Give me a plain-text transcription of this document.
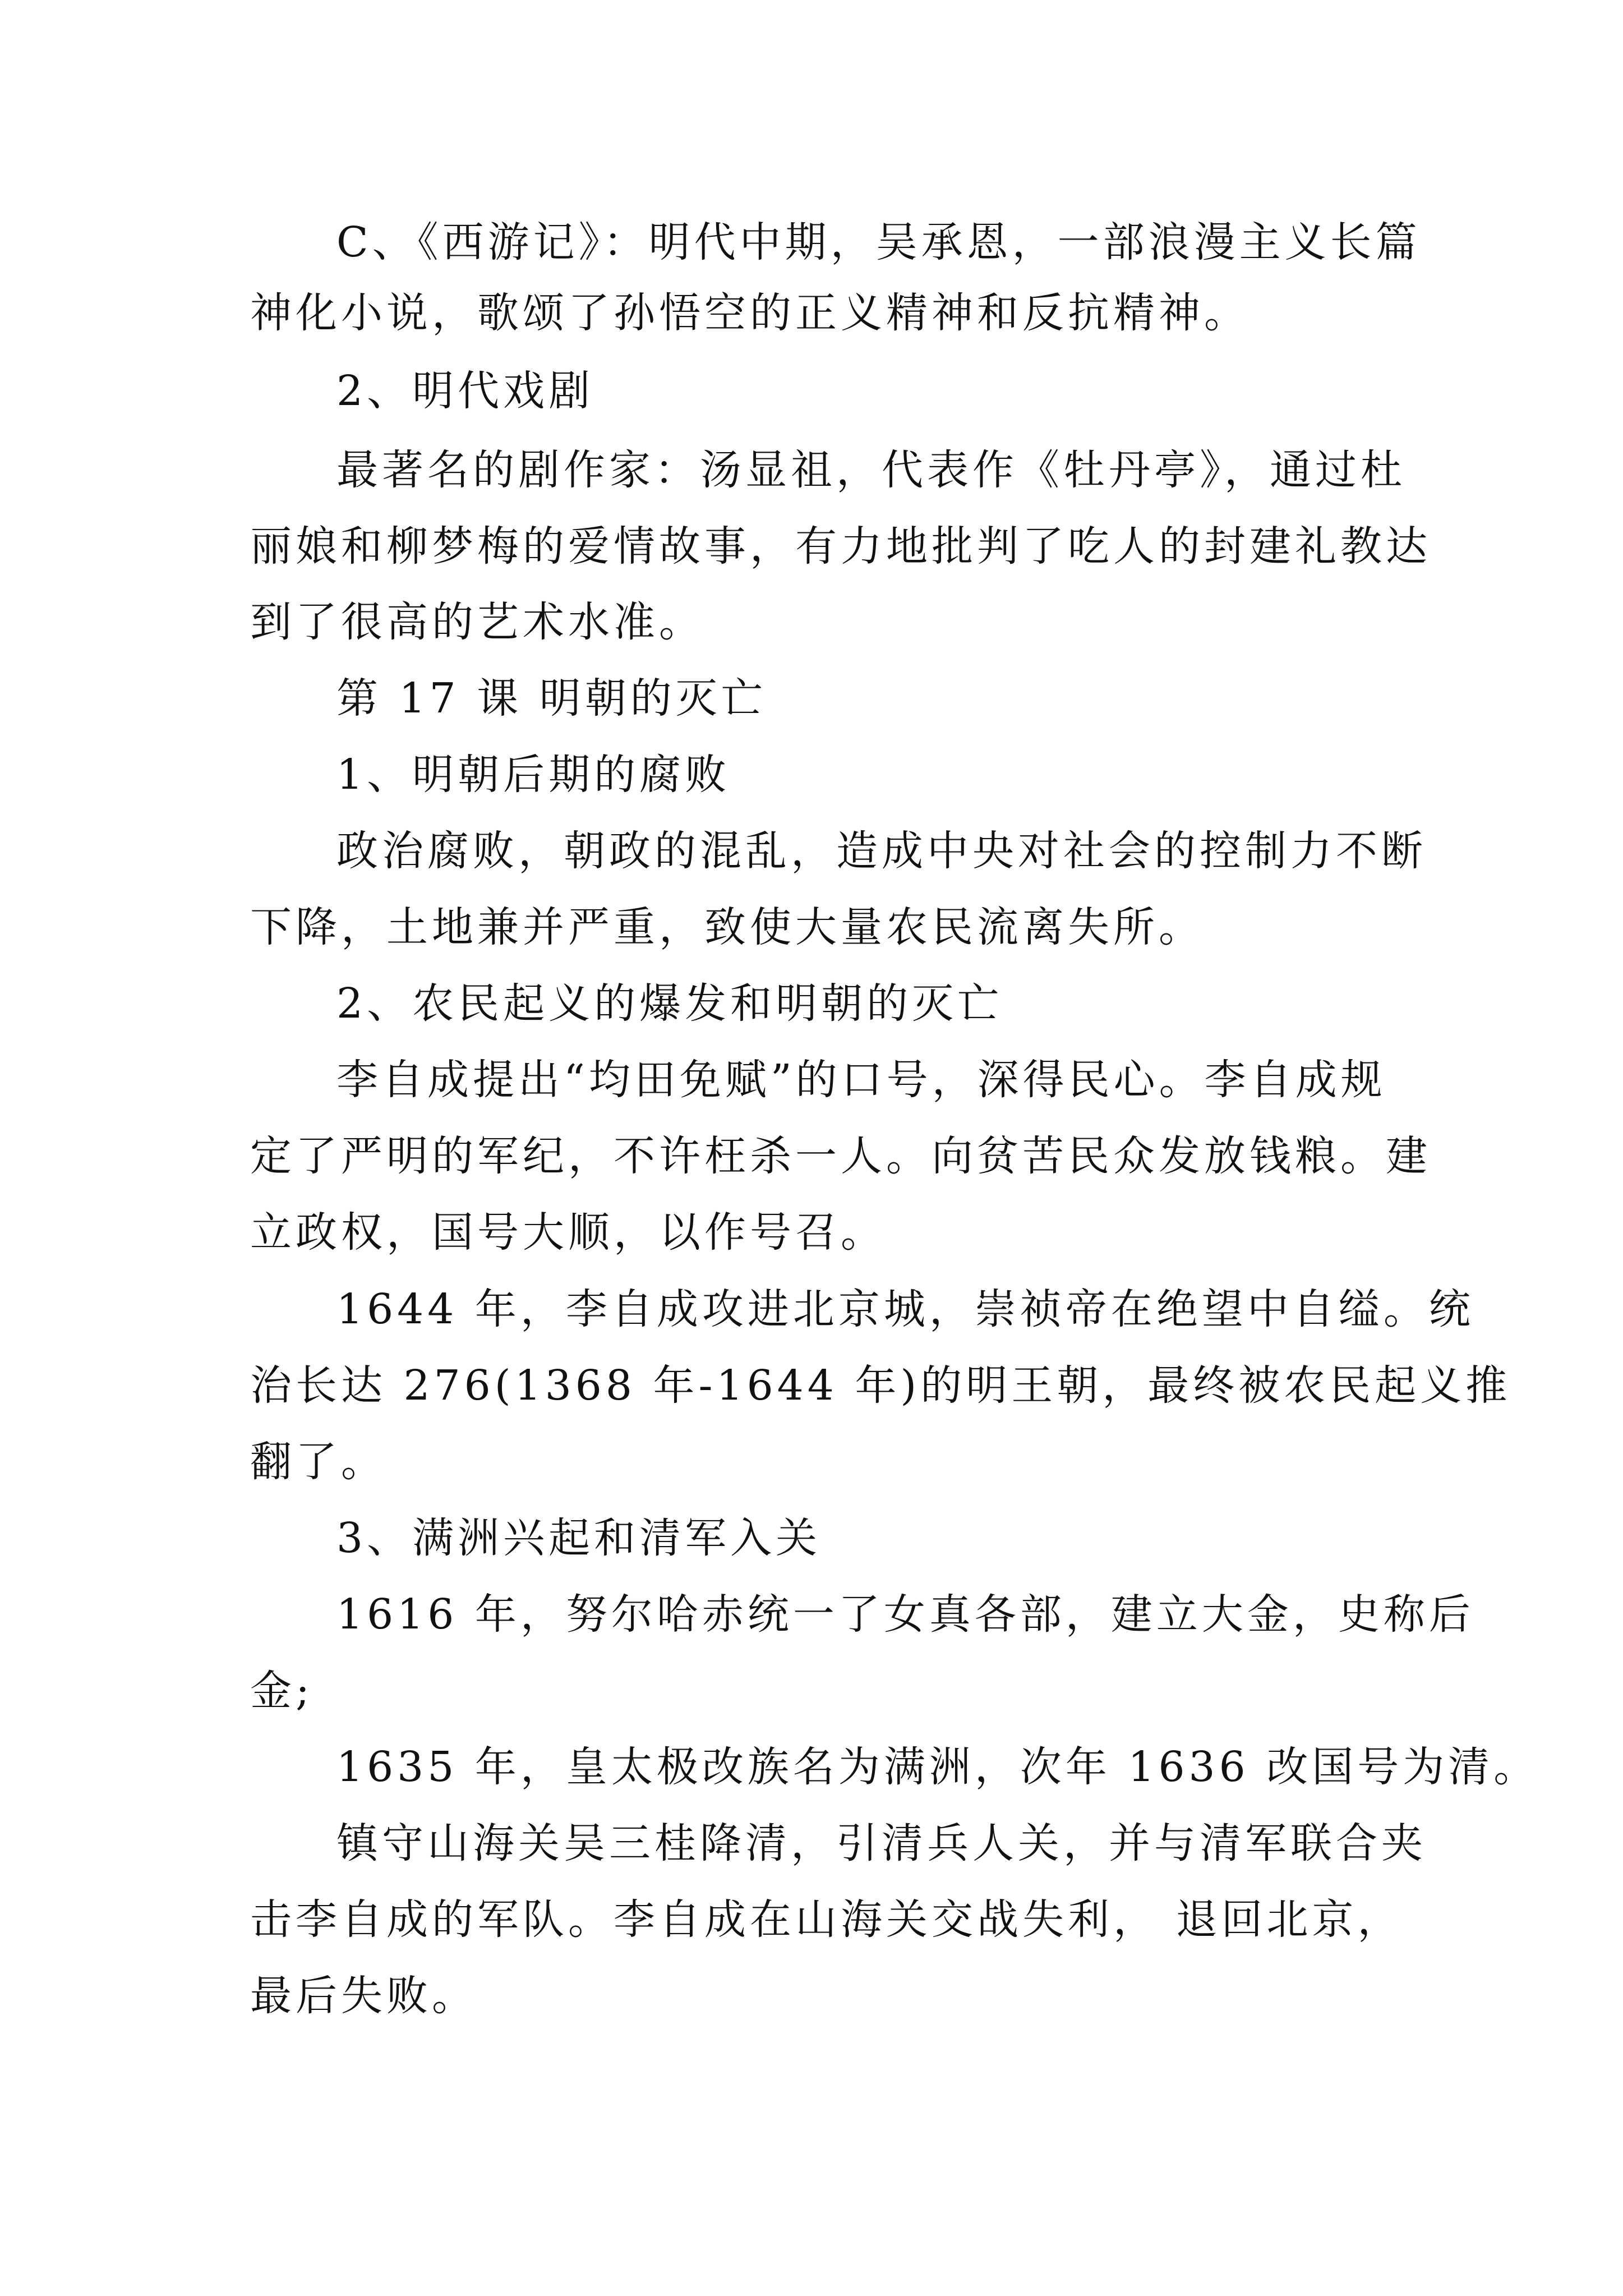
C、《西游记》：明代中期，吴承恩，一部浪漫主义长篇
神化小说，歌颂了孙悟空的正义精神和反抗精神。
2、明代戏剧
最著名的剧作家：汤显祖，代表作《牡丹亭》，通过杜
丽娘和柳梦梅的爱情故事，有力地批判了吃人的封建礼教达
到了很高的艺术水准。
第 17 课 明朝的灭亡
1、明朝后期的腐败
政治腐败，朝政的混乱，造成中央对社会的控制力不断
下降，土地兼并严重，致使大量农民流离失所。
2、农民起义的爆发和明朝的灭亡
李自成提出“均田免赋”的口号，深得民心。李自成规
定了严明的军纪，不许枉杀一人。向贫苦民众发放钱粮。建
立政权，国号大顺，以作号召。
1644 年，李自成攻进北京城，崇祯帝在绝望中自缢。统
治长达 276(1368 年-1644 年)的明王朝，最终被农民起义推
翻了。
3、满洲兴起和清军入关
1616 年，努尔哈赤统一了女真各部，建立大金，史称后
金;
1635 年，皇太极改族名为满洲，次年 1636 改国号为清。
镇守山海关吴三桂降清，引清兵人关，并与清军联合夹
击李自成的军队。李自成在山海关交战失利， 退回北京，
最后失败。
